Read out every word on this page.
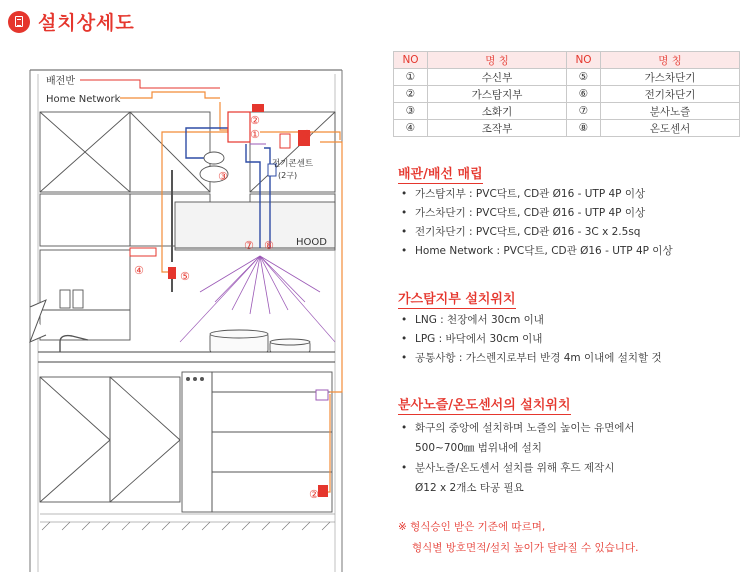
설치상세도
HOOD
배전반
Home Network
전기콘센트
(2구)
①
②
③
④	⑤
⑥
⑦ ⑧
②
NO	명 칭	NO	명 칭
①	수신부	⑤	가스차단기
②	가스탐지부	⑥	전기차단기
③	소화기	⑦	분사노즐
④	조작부	⑧	온도센서
배관/배선 매립
• 가스탐지부 : PVC닥트, CD관 Ø16 - UTP 4P 이상
• 가스차단기 : PVC닥트, CD관 Ø16 - UTP 4P 이상
• 전기차단기 : PVC닥트, CD관 Ø16 - 3C x 2.5sq
• Home Network : PVC닥트, CD관 Ø16 - UTP 4P 이상
가스탐지부 설치위치
• LNG : 천장에서 30cm 이내
• LPG : 바닥에서 30cm 이내
• 공통사항 : 가스렌지로부터 반경 4m 이내에 설치할 것
분사노즐/온도센서의 설치위치
• 화구의 중앙에 설치하며 노즐의 높이는 유면에서
500~700㎜ 범위내에 설치
• 분사노즐/온도센서 설치를 위해 후드 제작시
Ø12 x 2개소 타공 필요
※ 형식승인 받은 기준에 따르며,
형식별 방호면적/설치 높이가 달라질 수 있습니다.
